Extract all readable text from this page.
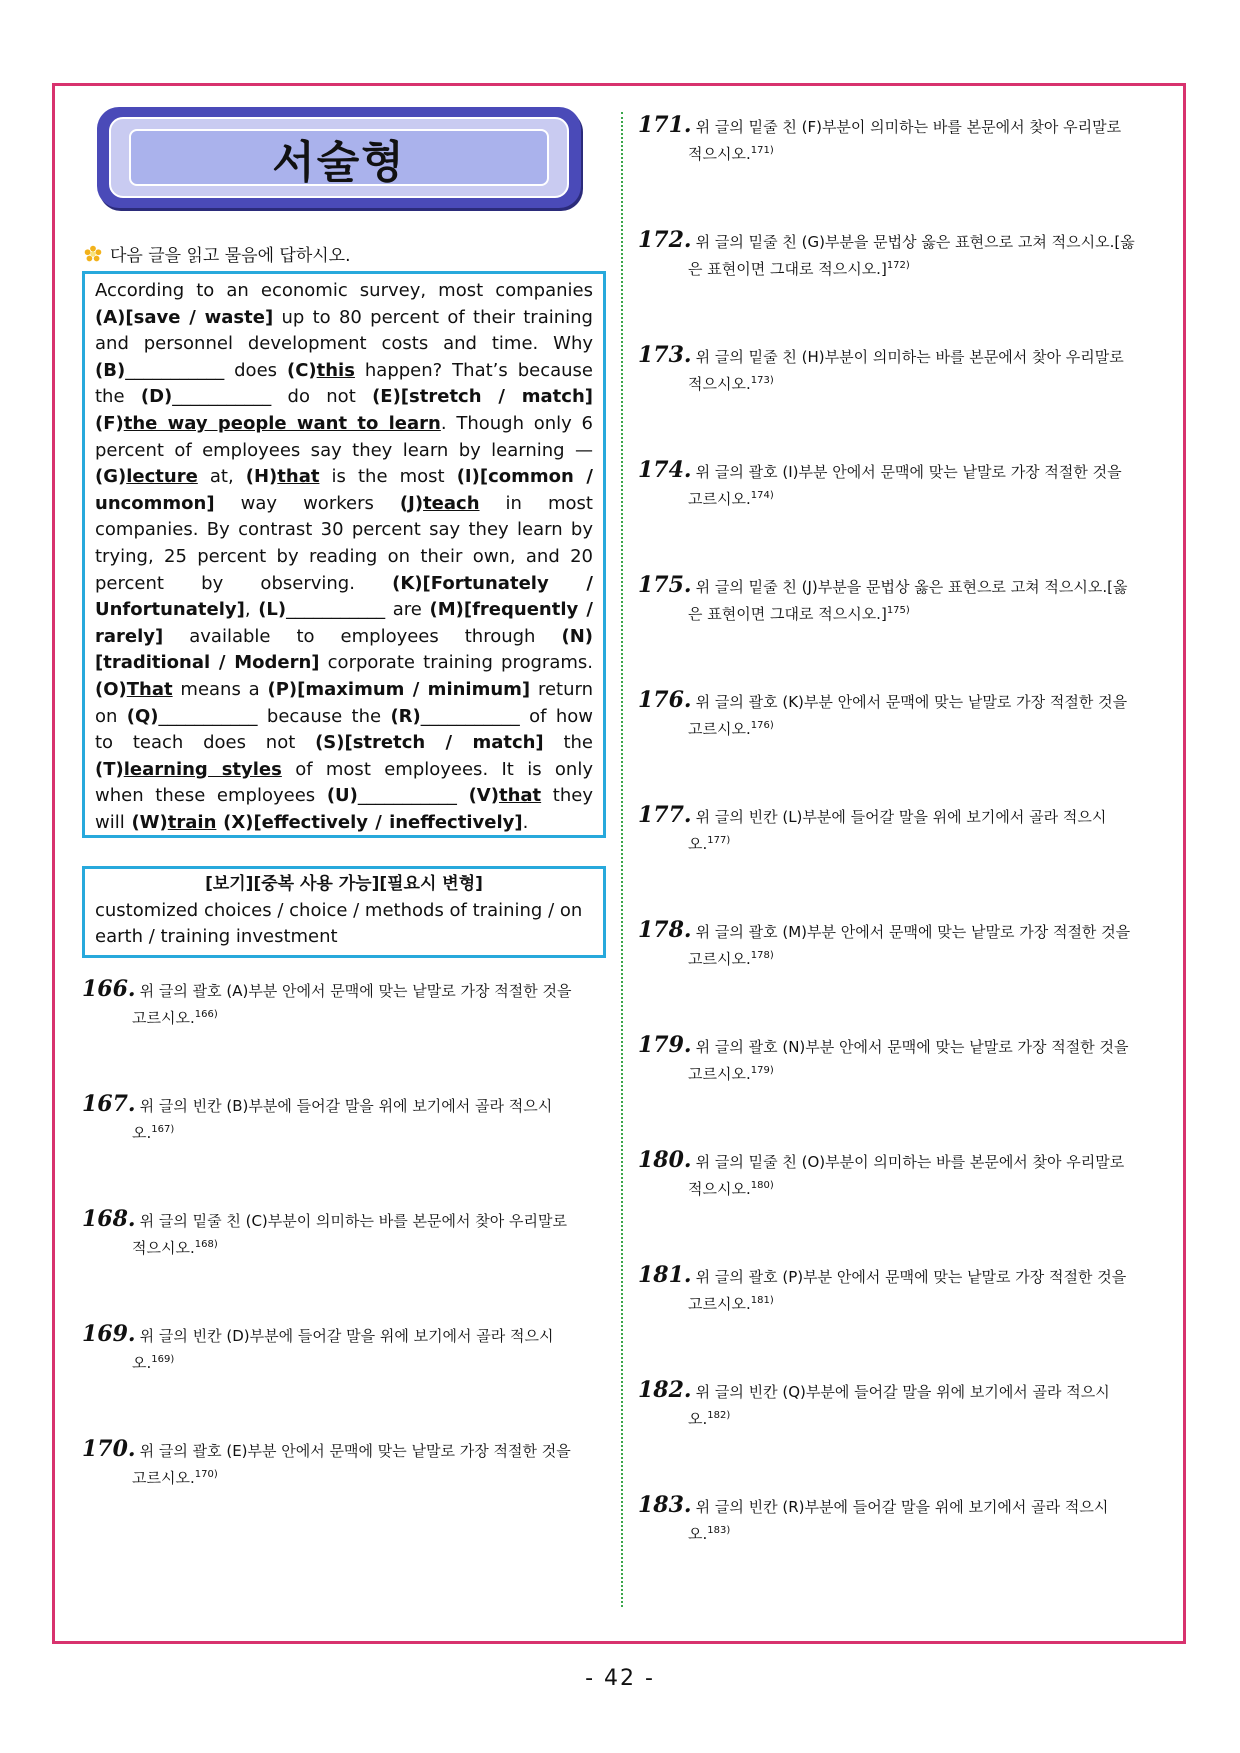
서술형
다음 글을 읽고 물음에 답하시오.
According to an economic survey, most companies (A)[save / waste] up to 80 percent of their training and personnel development costs and time. Why (B)___________ does (C)this happen? That’s because the (D)___________ do not (E)[stretch / match] (F)the way people want to learn. Though only 6 percent of employees say they learn by learning — (G)lecture at, (H)that is the most (I)[common / uncommon] way workers (J)teach in most companies. By contrast 30 percent say they learn by trying, 25 percent by reading on their own, and 20 percent by observing. (K)[Fortunately / Unfortunately], (L)___________ are (M)[frequently / rarely] available to employees through (N)[traditional / Modern] corporate training programs. (O)That means a (P)[maximum / minimum] return on (Q)___________ because the (R)___________ of how to teach does not (S)[stretch / match] the (T)learning styles of most employees. It is only when these employees (U)___________ (V)that they will (W)train (X)[effectively / ineffectively].
[보기][중복 사용 가능][필요시 변형]
customized choices / choice / methods of training / on earth / training investment
166. 위 글의 괄호 (A)부분 안에서 문맥에 맞는 낱말로 가장 적절한 것을
고르시오.$^{166)}$
167. 위 글의 빈칸 (B)부분에 들어갈 말을 위에 보기에서 골라 적으시
오.$^{167)}$
168. 위 글의 밑줄 친 (C)부분이 의미하는 바를 본문에서 찾아 우리말로
적으시오.$^{168)}$
169. 위 글의 빈칸 (D)부분에 들어갈 말을 위에 보기에서 골라 적으시
오.$^{169)}$
170. 위 글의 괄호 (E)부분 안에서 문맥에 맞는 낱말로 가장 적절한 것을
고르시오.$^{170)}$
171. 위 글의 밑줄 친 (F)부분이 의미하는 바를 본문에서 찾아 우리말로
적으시오.$^{171)}$
172. 위 글의 밑줄 친 (G)부분을 문법상 옳은 표현으로 고쳐 적으시오.[옳
은 표현이면 그대로 적으시오.]$^{172)}$
173. 위 글의 밑줄 친 (H)부분이 의미하는 바를 본문에서 찾아 우리말로
적으시오.$^{173)}$
174. 위 글의 괄호 (I)부분 안에서 문맥에 맞는 낱말로 가장 적절한 것을
고르시오.$^{174)}$
175. 위 글의 밑줄 친 (J)부분을 문법상 옳은 표현으로 고쳐 적으시오.[옳
은 표현이면 그대로 적으시오.]$^{175)}$
176. 위 글의 괄호 (K)부분 안에서 문맥에 맞는 낱말로 가장 적절한 것을
고르시오.$^{176)}$
177. 위 글의 빈칸 (L)부분에 들어갈 말을 위에 보기에서 골라 적으시
오.$^{177)}$
178. 위 글의 괄호 (M)부분 안에서 문맥에 맞는 낱말로 가장 적절한 것을
고르시오.$^{178)}$
179. 위 글의 괄호 (N)부분 안에서 문맥에 맞는 낱말로 가장 적절한 것을
고르시오.$^{179)}$
180. 위 글의 밑줄 친 (O)부분이 의미하는 바를 본문에서 찾아 우리말로
적으시오.$^{180)}$
181. 위 글의 괄호 (P)부분 안에서 문맥에 맞는 낱말로 가장 적절한 것을
고르시오.$^{181)}$
182. 위 글의 빈칸 (Q)부분에 들어갈 말을 위에 보기에서 골라 적으시
오.$^{182)}$
183. 위 글의 빈칸 (R)부분에 들어갈 말을 위에 보기에서 골라 적으시
오.$^{183)}$
- 42 -
